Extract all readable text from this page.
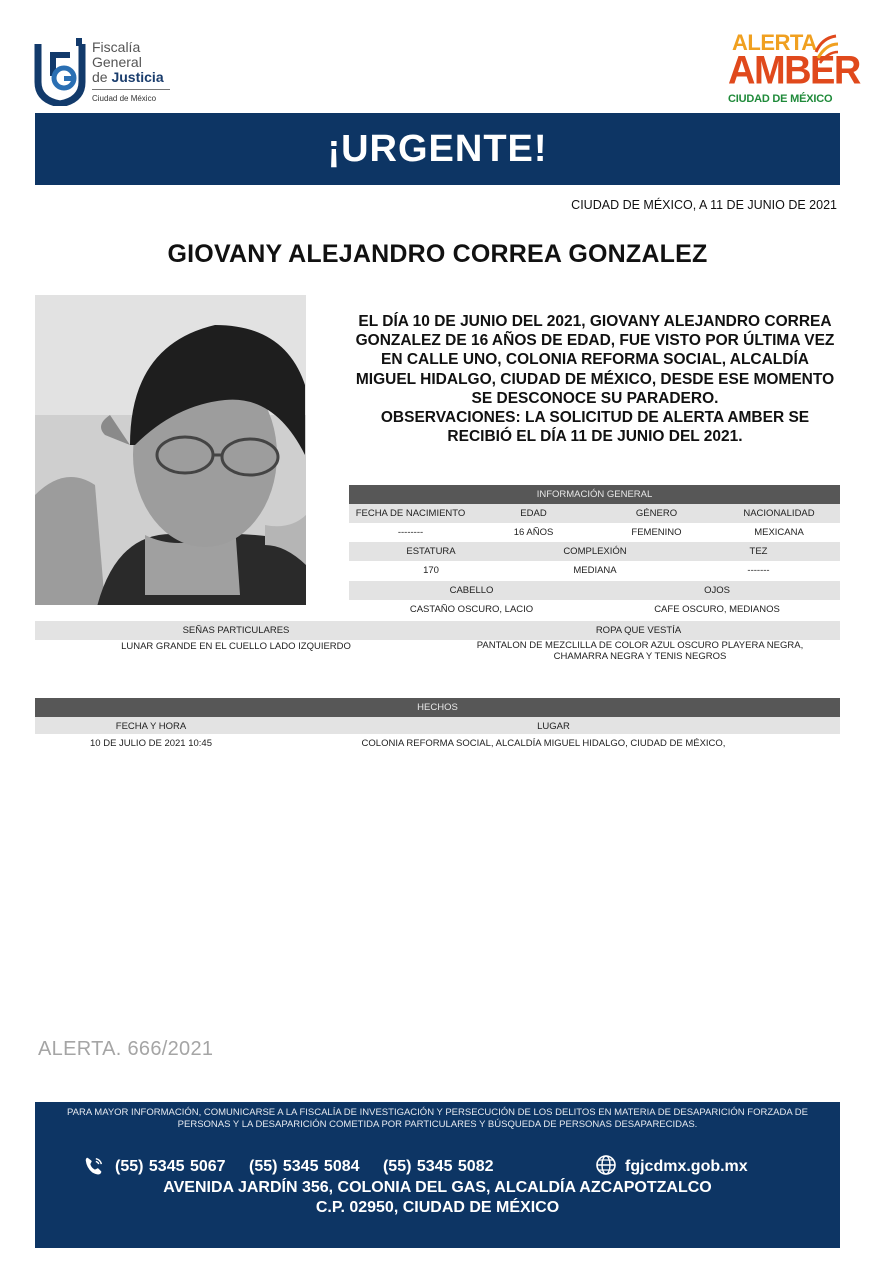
Fiscalía
General
de Justicia
Ciudad de México
ALERTA
AMBER
CIUDAD DE MÉXICO
¡URGENTE!
CIUDAD DE MÉXICO, A 11 DE JUNIO DE 2021
GIOVANY ALEJANDRO CORREA GONZALEZ
EL DÍA 10 DE JUNIO DEL 2021, GIOVANY ALEJANDRO CORREA GONZALEZ DE 16 AÑOS DE EDAD, FUE VISTO POR ÚLTIMA VEZ EN CALLE UNO, COLONIA REFORMA SOCIAL, ALCALDÍA MIGUEL HIDALGO, CIUDAD DE MÉXICO, DESDE ESE MOMENTO SE DESCONOCE SU PARADERO.
OBSERVACIONES: LA SOLICITUD DE ALERTA AMBER SE RECIBIÓ EL DÍA 11 DE JUNIO DEL 2021.
INFORMACIÓN GENERAL
FECHA DE NACIMIENTO	EDAD	GÉNERO	NACIONALIDAD
--------	16 AÑOS	FEMENINO	MEXICANA
ESTATURA	COMPLEXIÓN	TEZ
170	MEDIANA	-------
CABELLO	OJOS
CASTAÑO OSCURO, LACIO	CAFE OSCURO, MEDIANOS
SEÑAS PARTICULARES	ROPA QUE VESTÍA
LUNAR GRANDE EN EL CUELLO LADO IZQUIERDO	PANTALON DE MEZCLILLA DE COLOR AZUL OSCURO PLAYERA NEGRA, CHAMARRA NEGRA Y TENIS NEGROS
HECHOS
FECHA Y HORA	LUGAR
10 DE JULIO DE 2021 10:45	COLONIA REFORMA SOCIAL, ALCALDÍA MIGUEL HIDALGO, CIUDAD DE MÉXICO,
ALERTA. 666/2021
PARA MAYOR INFORMACIÓN, COMUNICARSE A LA FISCALÍA DE INVESTIGACIÓN Y PERSECUCIÓN DE LOS DELITOS EN MATERIA DE DESAPARICIÓN FORZADA DE PERSONAS Y LA DESAPARICIÓN COMETIDA POR PARTICULARES Y BÚSQUEDA DE PERSONAS DESAPARECIDAS.
(55) 5345 5067 (55) 5345 5084 (55) 5345 5082	fgjcdmx.gob.mx
AVENIDA JARDÍN 356, COLONIA DEL GAS, ALCALDÍA AZCAPOTZALCO
C.P. 02950, CIUDAD DE MÉXICO
